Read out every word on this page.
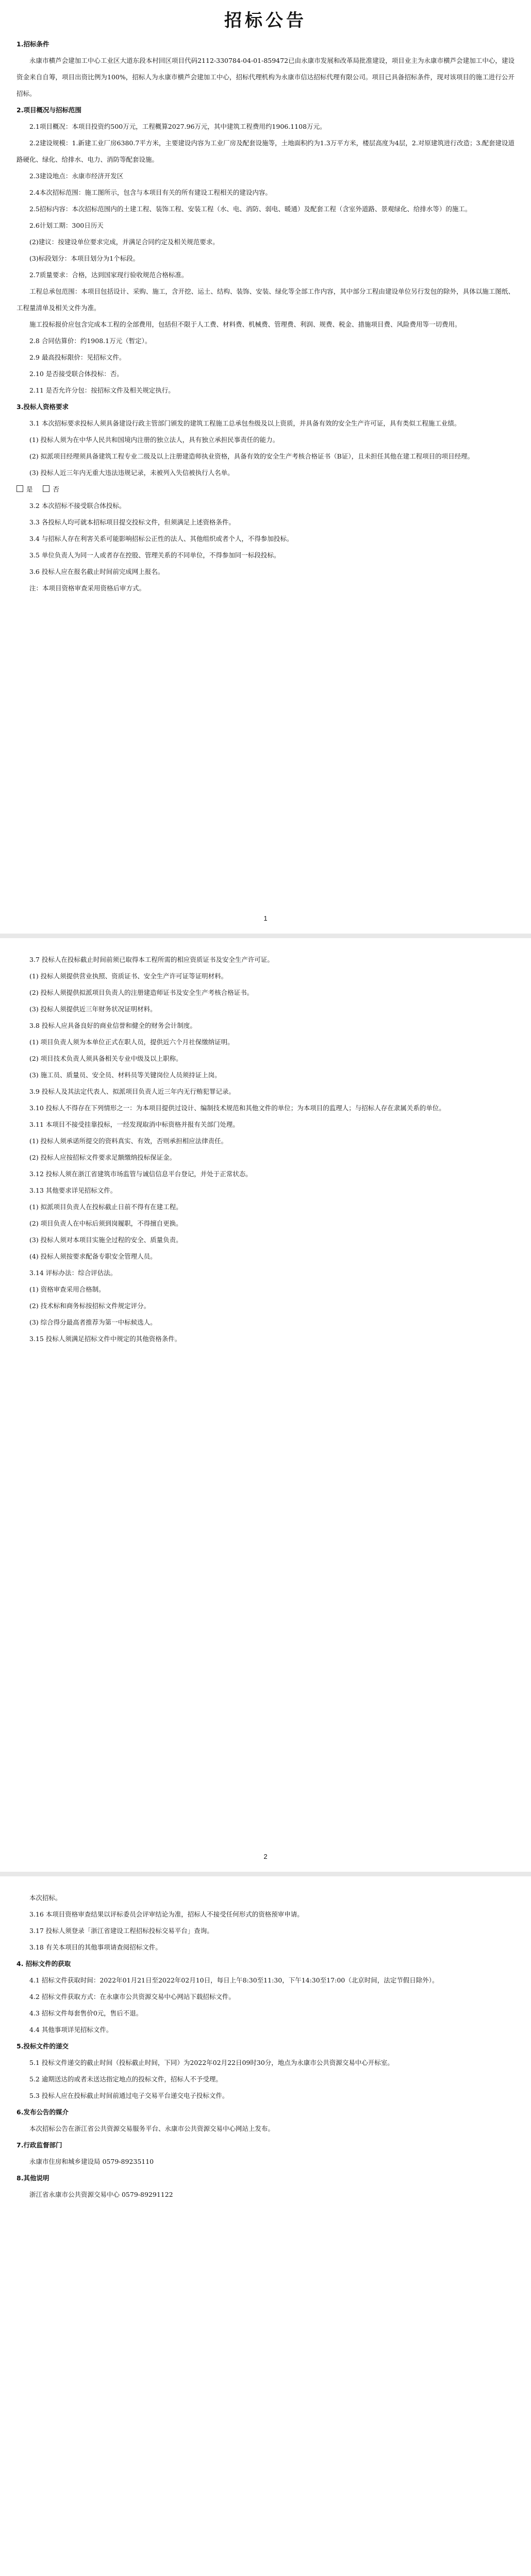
招标公告

1.招标条件

永康市横芦会建加工中心工业区大道东段本村回区项目代码2112-330784-04-01-859472已由永康市发展和改革局批准建设，项目业主为永康市横芦会建加工中心，建设资金来自自筹，项目出资比例为100%，招标人为永康市横芦会建加工中心，招标代理机构为永康市信达招标代理有限公司。项目已具备招标条件，现对该项目的施工进行公开招标。

2.项目概况与招标范围

2.1项目概况：本项目投资约500万元，工程概算2027.96万元，其中建筑工程费用约1906.1108万元。

2.2建设规模：1.新建工业厂房6380.7平方米，主要建设内容为工业厂房及配套设施等，土地面积约为1.3万平方米，楼层高度为4层，2.对原建筑进行改造；3.配套建设道路硬化、绿化、给排水、电力、消防等配套设施。

2.3建设地点：永康市经济开发区

2.4本次招标范围：施工图所示，包含与本项目有关的所有建设工程相关的建设内容。

2.5招标内容：本次招标范围内的土建工程、装饰工程、安装工程（水、电、消防、弱电、暖通）及配套工程（含室外道路、景观绿化、给排水等）的施工。

2.6计划工期：300日历天

(2)建议：按建设单位要求完成，并满足合同约定及相关规范要求。

(3)标段划分：本项目划分为1个标段。

2.7质量要求：合格，达到国家现行验收规范合格标准。

工程总承包范围：本项目包括设计、采购、施工，含开挖、运土、结构、装饰、安装、绿化等全部工作内容，其中部分工程由建设单位另行发包的除外，具体以施工图纸、工程量清单及相关文件为准。

施工投标报价应包含完成本工程的全部费用，包括但不限于人工费、材料费、机械费、管理费、利润、规费、税金、措施项目费、风险费用等一切费用。

2.8 合同估算价：约1908.1万元（暂定）。

2.9 最高投标限价：见招标文件。

2.10 是否接受联合体投标：否。

2.11 是否允许分包：按招标文件及相关规定执行。

3.投标人资格要求

3.1 本次招标要求投标人须具备建设行政主管部门颁发的建筑工程施工总承包叁级及以上资质，并具备有效的安全生产许可证，具有类似工程施工业绩。

(1) 投标人须为在中华人民共和国境内注册的独立法人，具有独立承担民事责任的能力。

(2) 拟派项目经理须具备建筑工程专业二级及以上注册建造师执业资格，具备有效的安全生产考核合格证书（B证），且未担任其他在建工程项目的项目经理。

(3) 投标人近三年内无重大违法违规记录，未被列入失信被执行人名单。

是	否

3.2 本次招标不接受联合体投标。

3.3 各投标人均可就本招标项目提交投标文件，但须满足上述资格条件。

3.4 与招标人存在利害关系可能影响招标公正性的法人、其他组织或者个人，不得参加投标。

3.5 单位负责人为同一人或者存在控股、管理关系的不同单位，不得参加同一标段投标。

3.6 投标人应在报名截止时间前完成网上报名。

注：本项目资格审查采用资格后审方式。

1

3.7 投标人在投标截止时间前须已取得本工程所需的相应资质证书及安全生产许可证。

(1) 投标人须提供营业执照、资质证书、安全生产许可证等证明材料。

(2) 投标人须提供拟派项目负责人的注册建造师证书及安全生产考核合格证书。

(3) 投标人须提供近三年财务状况证明材料。

3.8 投标人应具备良好的商业信誉和健全的财务会计制度。

(1) 项目负责人须为本单位正式在职人员，提供近六个月社保缴纳证明。

(2) 项目技术负责人须具备相关专业中级及以上职称。

(3) 施工员、质量员、安全员、材料员等关键岗位人员须持证上岗。

3.9 投标人及其法定代表人、拟派项目负责人近三年内无行贿犯罪记录。

3.10 投标人不得存在下列情形之一：为本项目提供过设计、编制技术规范和其他文件的单位；为本项目的监理人；与招标人存在隶属关系的单位。

3.11 本项目不接受挂靠投标，一经发现取消中标资格并报有关部门处理。

(1) 投标人须承诺所提交的资料真实、有效，否则承担相应法律责任。

(2) 投标人应按招标文件要求足额缴纳投标保证金。

3.12 投标人须在浙江省建筑市场监管与诚信信息平台登记，并处于正常状态。

3.13 其他要求详见招标文件。

(1) 拟派项目负责人在投标截止日前不得有在建工程。

(2) 项目负责人在中标后须到岗履职，不得擅自更换。

(3) 投标人须对本项目实施全过程的安全、质量负责。

(4) 投标人须按要求配备专职安全管理人员。

3.14 评标办法：综合评估法。

(1) 资格审查采用合格制。

(2) 技术标和商务标按招标文件规定评分。

(3) 综合得分最高者推荐为第一中标候选人。

3.15 投标人须满足招标文件中规定的其他资格条件。

2

本次招标。

3.16 本项目资格审查结果以评标委员会评审结论为准，招标人不接受任何形式的资格预审申请。

3.17 投标人须登录「浙江省建设工程招标投标交易平台」查询。

3.18 有关本项目的其他事项请查阅招标文件。

4. 招标文件的获取

4.1 招标文件获取时间：2022年01月21日至2022年02月10日，每日上午8:30至11:30，下午14:30至17:00（北京时间，法定节假日除外）。

4.2 招标文件获取方式：在永康市公共资源交易中心网站下载招标文件。

4.3 招标文件每套售价0元，售后不退。

4.4 其他事项详见招标文件。

5.投标文件的递交

5.1 投标文件递交的截止时间（投标截止时间，下同）为2022年02月22日09时30分，地点为永康市公共资源交易中心开标室。

5.2 逾期送达的或者未送达指定地点的投标文件，招标人不予受理。

5.3 投标人应在投标截止时间前通过电子交易平台递交电子投标文件。

6.发布公告的媒介

本次招标公告在浙江省公共资源交易服务平台、永康市公共资源交易中心网站上发布。

7.行政监督部门

永康市住房和城乡建设局 0579-89235110

8.其他说明

浙江省永康市公共资源交易中心 0579-89291122
